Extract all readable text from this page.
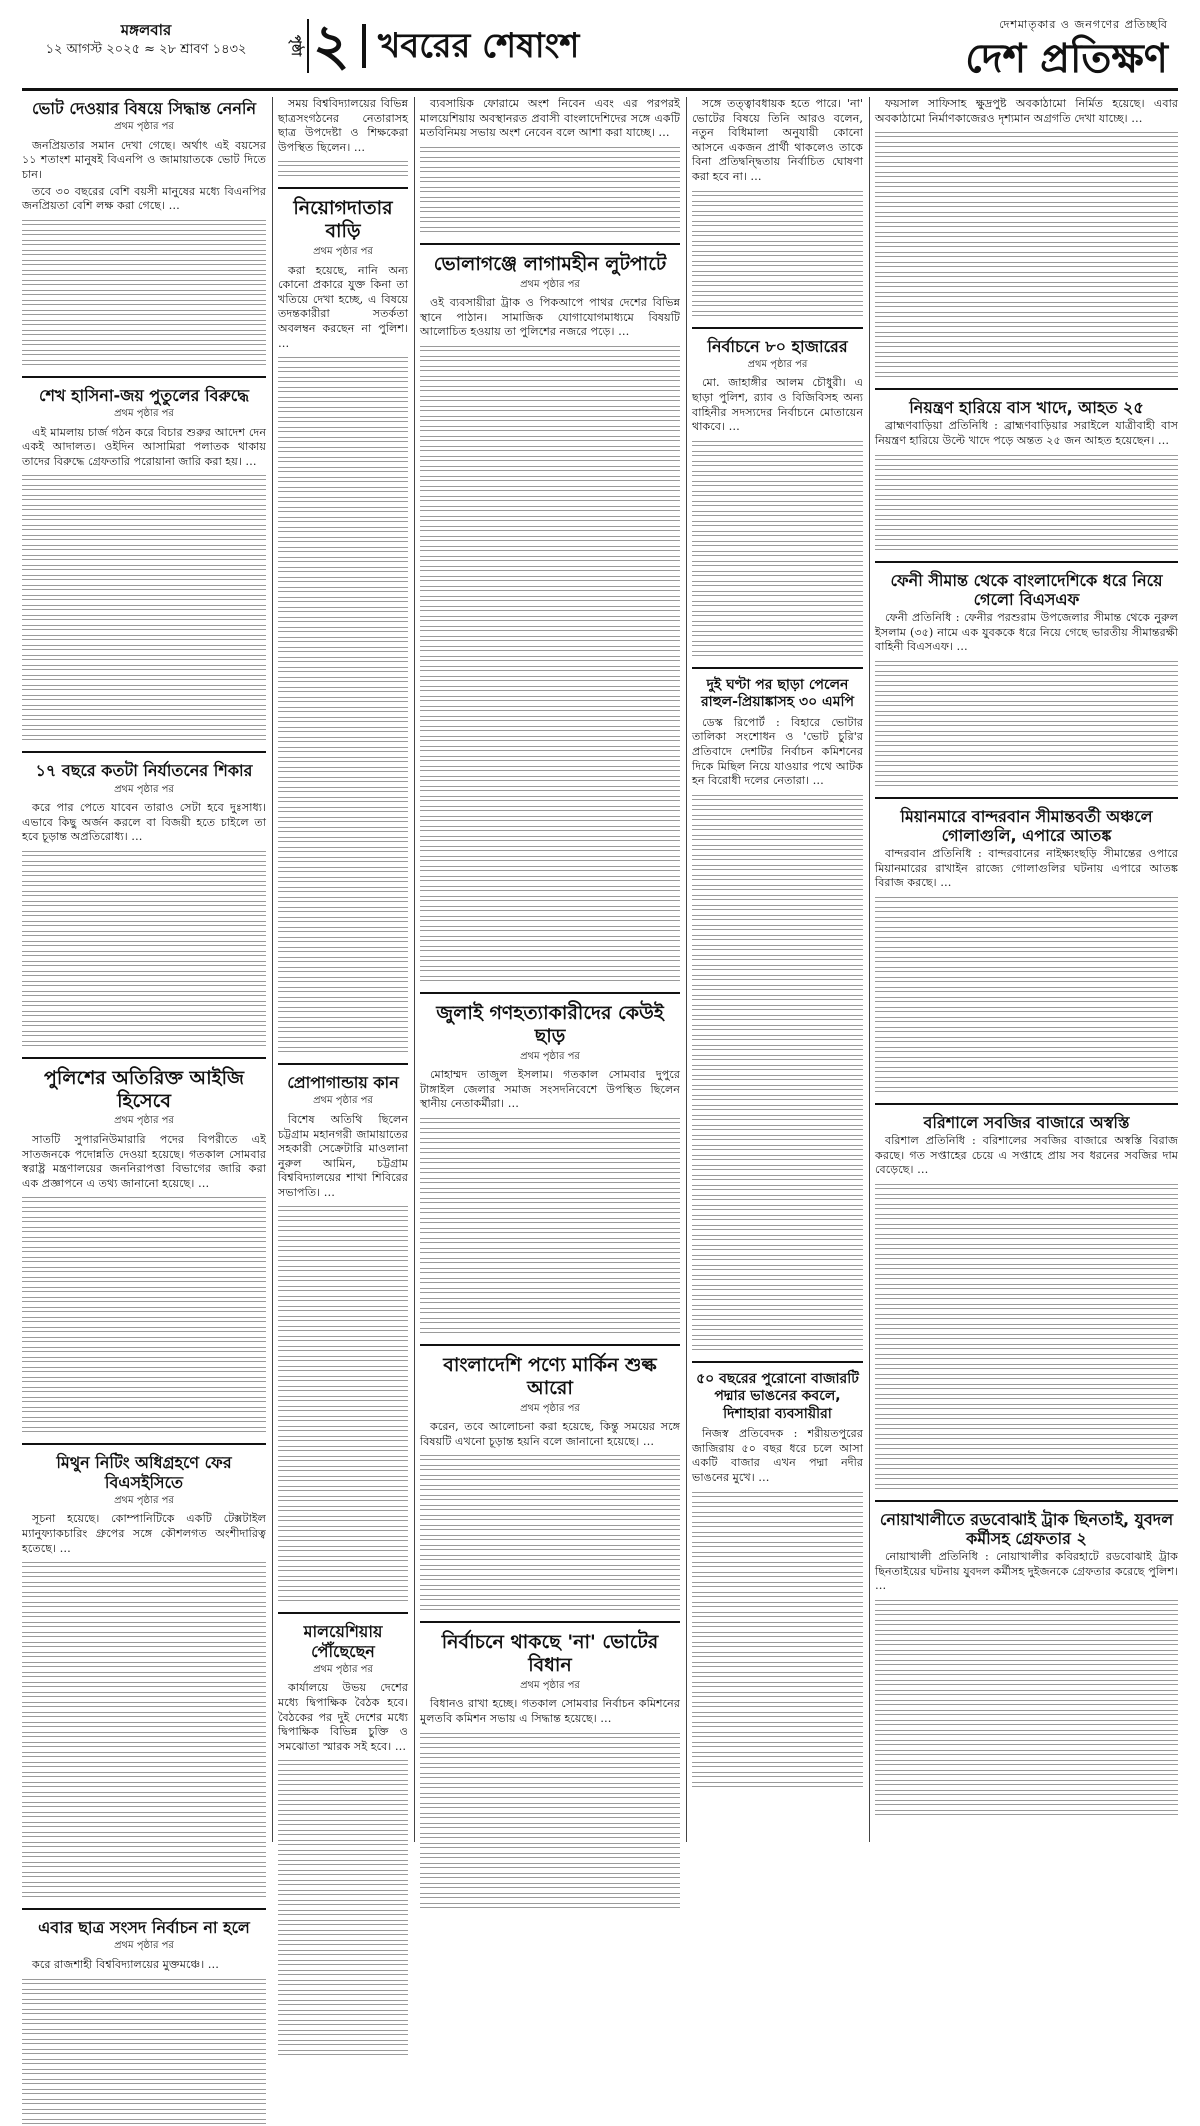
মঙ্গলবার
১২ আগস্ট ২০২৫ ≈ ২৮ শ্রাবণ ১৪৩২	পৃষ্ঠা ২ খবরের শেষাংশ
দেশমাতৃকার ও জনগণের প্রতিচ্ছবি
দেশ প্রতিক্ষণ
ভোট দেওয়ার বিষয়ে সিদ্ধান্ত নেননি
প্রথম পৃষ্ঠার পর

জনপ্রিয়তার সমান দেখা গেছে। অর্থাৎ এই বয়সের ১১ শতাংশ মানুষই বিএনপি ও জামায়াতকে ভোট দিতে চান।

তবে ৩০ বছরের বেশি বয়সী মানুষের মধ্যে বিএনপির জনপ্রিয়তা বেশি লক্ষ করা গেছে। …

শেখ হাসিনা-জয় পুতুলের বিরুদ্ধে
প্রথম পৃষ্ঠার পর

এই মামলায় চার্জ গঠন করে বিচার শুরুর আদেশ দেন একই আদালত। ওইদিন আসামিরা পলাতক থাকায় তাদের বিরুদ্ধে গ্রেফতারি পরোয়ানা জারি করা হয়। …

১৭ বছরে কতটা নির্যাতনের শিকার
প্রথম পৃষ্ঠার পর

করে পার পেতে যাবেন তারাও সেটা হবে দুঃসাধ্য। এভাবে কিছু অর্জন করলে বা বিজয়ী হতে চাইলে তা হবে চূড়ান্ত অপ্রতিরোধ্য। …

পুলিশের অতিরিক্ত আইজি হিসেবে
প্রথম পৃষ্ঠার পর

সাতটি সুপারনিউমারারি পদের বিপরীতে এই সাতজনকে পদোন্নতি দেওয়া হয়েছে। গতকাল সোমবার স্বরাষ্ট্র মন্ত্রণালয়ের জননিরাপত্তা বিভাগের জারি করা এক প্রজ্ঞাপনে এ তথ্য জানানো হয়েছে। …

মিথুন নিটিং অধিগ্রহণে ফের বিএসইসিতে
প্রথম পৃষ্ঠার পর

সূচনা হয়েছে। কোম্পানিটিকে একটি টেক্সটাইল ম্যানুফ্যাকচারিং গ্রুপের সঙ্গে কৌশলগত অংশীদারিত্ব হতেছে। …

এবার ছাত্র সংসদ নির্বাচন না হলে
প্রথম পৃষ্ঠার পর

করে রাজশাহী বিশ্ববিদ্যালয়ের মুক্তমঞ্চে। …

সময় বিশ্ববিদ্যালয়ের বিভিন্ন ছাত্রসংগঠনের নেতারাসহ ছাত্র উপদেষ্টা ও শিক্ষকেরা উপস্থিত ছিলেন। …

নিয়োগদাতার বাড়ি
প্রথম পৃষ্ঠার পর

করা হয়েছে, নানি অন্য কোনো প্রকারে যুক্ত কিনা তা খতিয়ে দেখা হচ্ছে, এ বিষয়ে তদন্তকারীরা সতর্কতা অবলম্বন করছেন না পুলিশ। …

প্রোপাগান্ডায় কান
প্রথম পৃষ্ঠার পর

বিশেষ অতিথি ছিলেন চট্টগ্রাম মহানগরী জামায়াতের সহকারী সেক্রেটারি মাওলানা নুরুল আমিন, চট্টগ্রাম বিশ্ববিদ্যালয়ের শাখা শিবিরের সভাপতি। …

মালয়েশিয়ায় পৌঁছেছেন
প্রথম পৃষ্ঠার পর

কার্যালয়ে উভয় দেশের মধ্যে দ্বিপাক্ষিক বৈঠক হবে। বৈঠকের পর দুই দেশের মধ্যে দ্বিপাক্ষিক বিভিন্ন চুক্তি ও সমঝোতা স্মারক সই হবে। …

ব্যবসায়িক ফোরামে অংশ নিবেন এবং এর পরপরই মালয়েশিয়ায় অবস্থানরত প্রবাসী বাংলাদেশিদের সঙ্গে একটি মতবিনিময় সভায় অংশ নেবেন বলে আশা করা যাচ্ছে। …

ভোলাগঞ্জে লাগামহীন লুটপাটে
প্রথম পৃষ্ঠার পর

ওই ব্যবসায়ীরা ট্রাক ও পিকআপে পাথর দেশের বিভিন্ন স্থানে পাঠান। সামাজিক যোগাযোগমাধ্যমে বিষয়টি আলোচিত হওয়ায় তা পুলিশের নজরে পড়ে। …

জুলাই গণহত্যাকারীদের কেউই ছাড়
প্রথম পৃষ্ঠার পর

মোহাম্মদ তাজুল ইসলাম। গতকাল সোমবার দুপুরে টাঙ্গাইল জেলার সমাজ সংসদনিবেশে উপস্থিত ছিলেন স্থানীয় নেতাকর্মীরা। …

বাংলাদেশি পণ্যে মার্কিন শুল্ক আরো
প্রথম পৃষ্ঠার পর

করেন, তবে আলোচনা করা হয়েছে, কিন্তু সময়ের সঙ্গে বিষয়টি এখনো চূড়ান্ত হয়নি বলে জানানো হয়েছে। …

নির্বাচনে থাকছে 'না' ভোটের বিধান
প্রথম পৃষ্ঠার পর

বিধানও রাখা হচ্ছে। গতকাল সোমবার নির্বাচন কমিশনের মুলতবি কমিশন সভায় এ সিদ্ধান্ত হয়েছে। …

সঙ্গে তত্ত্বাবধায়ক হতে পারে। 'না' ভোটের বিষয়ে তিনি আরও বলেন, নতুন বিধিমালা অনুযায়ী কোনো আসনে একজন প্রার্থী থাকলেও তাকে বিনা প্রতিদ্বন্দ্বিতায় নির্বাচিত ঘোষণা করা হবে না। …

নির্বাচনে ৮০ হাজারের
প্রথম পৃষ্ঠার পর

মো. জাহাঙ্গীর আলম চৌধুরী। এ ছাড়া পুলিশ, র‍্যাব ও বিজিবিসহ অন্য বাহিনীর সদস্যদের নির্বাচনে মোতায়েন থাকবে। …

দুই ঘণ্টা পর ছাড়া পেলেন রাহুল-প্রিয়াঙ্কাসহ ৩০ এমপি

ডেস্ক রিপোর্ট : বিহারে ভোটার তালিকা সংশোধন ও 'ভোট চুরি'র প্রতিবাদে দেশটির নির্বাচন কমিশনের দিকে মিছিল নিয়ে যাওয়ার পথে আটক হন বিরোধী দলের নেতারা। …

৫০ বছরের পুরোনো বাজারটি পদ্মার ভাঙনের কবলে, দিশাহারা ব্যবসায়ীরা

নিজস্ব প্রতিবেদক : শরীয়তপুরের জাজিরায় ৫০ বছর ধরে চলে আসা একটি বাজার এখন পদ্মা নদীর ভাঙনের মুখে। …

ফয়সাল সাফিসাহ ক্ষুদ্রপুষ্ট অবকাঠামো নির্মিত হয়েছে। এবার অবকাঠামো নির্মাণকাজেরও দৃশ্যমান অগ্রগতি দেখা যাচ্ছে। …

নিয়ন্ত্রণ হারিয়ে বাস খাদে, আহত ২৫

ব্রাহ্মণবাড়িয়া প্রতিনিধি : ব্রাহ্মণবাড়িয়ার সরাইলে যাত্রীবাহী বাস নিয়ন্ত্রণ হারিয়ে উল্টে খাদে পড়ে অন্তত ২৫ জন আহত হয়েছেন। …

ফেনী সীমান্ত থেকে বাংলাদেশিকে ধরে নিয়ে গেলো বিএসএফ

ফেনী প্রতিনিধি : ফেনীর পরশুরাম উপজেলার সীমান্ত থেকে নুরুল ইসলাম (৩৫) নামে এক যুবককে ধরে নিয়ে গেছে ভারতীয় সীমান্তরক্ষী বাহিনী বিএসএফ। …

মিয়ানমারে বান্দরবান সীমান্তবর্তী অঞ্চলে গোলাগুলি, এপারে আতঙ্ক

বান্দরবান প্রতিনিধি : বান্দরবানের নাইক্ষ্যংছড়ি সীমান্তের ওপারে মিয়ানমারের রাখাইন রাজ্যে গোলাগুলির ঘটনায় এপারে আতঙ্ক বিরাজ করছে। …

বরিশালে সবজির বাজারে অস্বস্তি

বরিশাল প্রতিনিধি : বরিশালের সবজির বাজারে অস্বস্তি বিরাজ করছে। গত সপ্তাহের চেয়ে এ সপ্তাহে প্রায় সব ধরনের সবজির দাম বেড়েছে। …

নোয়াখালীতে রডবোঝাই ট্রাক ছিনতাই, যুবদল কর্মীসহ গ্রেফতার ২

নোয়াখালী প্রতিনিধি : নোয়াখালীর কবিরহাটে রডবোঝাই ট্রাক ছিনতাইয়ের ঘটনায় যুবদল কর্মীসহ দুইজনকে গ্রেফতার করেছে পুলিশ। …
